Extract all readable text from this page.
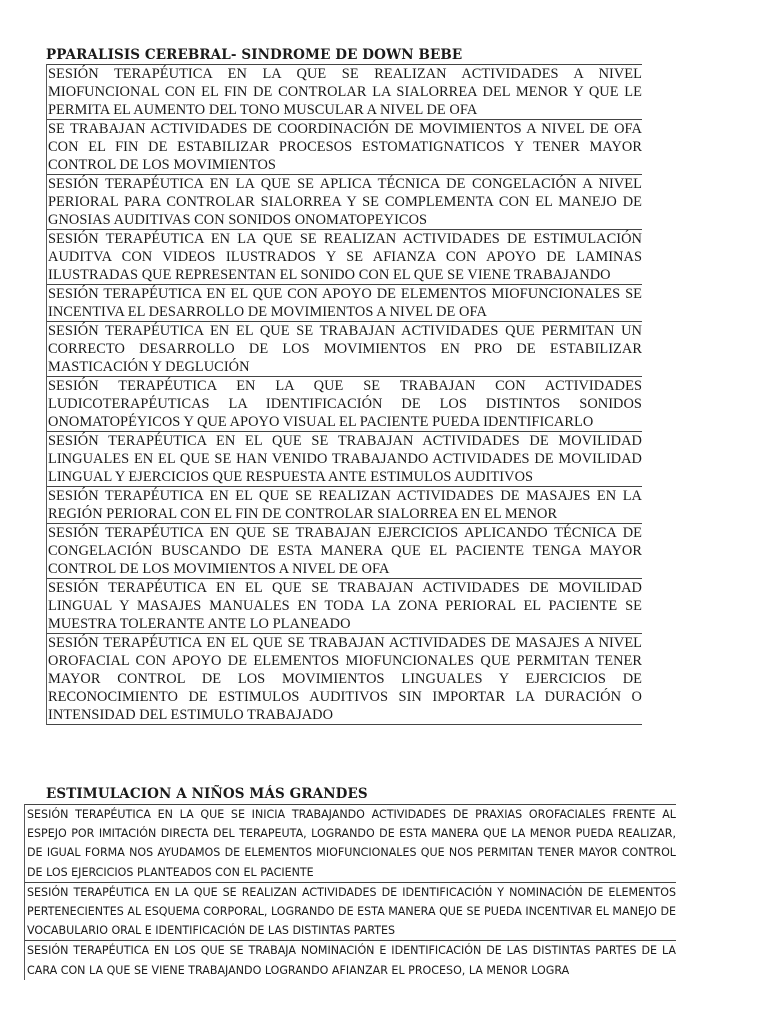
PPARALISIS CEREBRAL- SINDROME DE DOWN BEBE
SESIÓN TERAPÉUTICA EN LA QUE SE REALIZAN ACTIVIDADES A NIVEL MIOFUNCIONAL CON EL FIN DE CONTROLAR LA SIALORREA DEL MENOR Y QUE LE PERMITA EL AUMENTO DEL TONO MUSCULAR A NIVEL DE OFA
SE TRABAJAN ACTIVIDADES DE COORDINACIÓN DE MOVIMIENTOS A NIVEL DE OFA CON EL FIN DE ESTABILIZAR PROCESOS ESTOMATIGNATICOS Y TENER MAYOR CONTROL DE LOS MOVIMIENTOS
SESIÓN TERAPÉUTICA EN LA QUE SE APLICA TÉCNICA DE CONGELACIÓN A NIVEL PERIORAL PARA CONTROLAR SIALORREA Y SE COMPLEMENTA CON EL MANEJO DE GNOSIAS AUDITIVAS CON SONIDOS ONOMATOPEYICOS
SESIÓN TERAPÉUTICA EN LA QUE SE REALIZAN ACTIVIDADES DE ESTIMULACIÓN AUDITVA CON VIDEOS ILUSTRADOS Y SE AFIANZA CON APOYO DE LAMINAS ILUSTRADAS QUE REPRESENTAN EL SONIDO CON EL QUE SE VIENE TRABAJANDO
SESIÓN TERAPÉUTICA EN EL QUE CON APOYO DE ELEMENTOS MIOFUNCIONALES SE INCENTIVA EL DESARROLLO DE MOVIMIENTOS A NIVEL DE OFA
SESIÓN TERAPÉUTICA EN EL QUE SE TRABAJAN ACTIVIDADES QUE PERMITAN UN CORRECTO DESARROLLO DE LOS MOVIMIENTOS EN PRO DE ESTABILIZAR MASTICACIÓN Y DEGLUCIÓN
SESIÓN TERAPÉUTICA EN LA QUE SE TRABAJAN CON ACTIVIDADES LUDICOTERAPÉUTICAS LA IDENTIFICACIÓN DE LOS DISTINTOS SONIDOS ONOMATOPÉYICOS Y QUE APOYO VISUAL EL PACIENTE PUEDA IDENTIFICARLO
SESIÓN TERAPÉUTICA EN EL QUE SE TRABAJAN ACTIVIDADES DE MOVILIDAD LINGUALES EN EL QUE SE HAN VENIDO TRABAJANDO ACTIVIDADES DE MOVILIDAD LINGUAL Y EJERCICIOS QUE RESPUESTA ANTE ESTIMULOS AUDITIVOS
SESIÓN TERAPÉUTICA EN EL QUE SE REALIZAN ACTIVIDADES DE MASAJES EN LA REGIÓN PERIORAL CON EL FIN DE CONTROLAR SIALORREA EN EL MENOR
SESIÓN TERAPÉUTICA EN QUE SE TRABAJAN EJERCICIOS APLICANDO TÉCNICA DE CONGELACIÓN BUSCANDO DE ESTA MANERA QUE EL PACIENTE TENGA MAYOR CONTROL DE LOS MOVIMIENTOS A NIVEL DE OFA
SESIÓN TERAPÉUTICA EN EL QUE SE TRABAJAN ACTIVIDADES DE MOVILIDAD LINGUAL Y MASAJES MANUALES EN TODA LA ZONA PERIORAL EL PACIENTE SE MUESTRA TOLERANTE ANTE LO PLANEADO
SESIÓN TERAPÉUTICA EN EL QUE SE TRABAJAN ACTIVIDADES DE MASAJES A NIVEL OROFACIAL CON APOYO DE ELEMENTOS MIOFUNCIONALES QUE PERMITAN TENER MAYOR CONTROL DE LOS MOVIMIENTOS LINGUALES Y EJERCICIOS DE RECONOCIMIENTO DE ESTIMULOS AUDITIVOS SIN IMPORTAR LA DURACIÓN O INTENSIDAD DEL ESTIMULO TRABAJADO
ESTIMULACION A NIÑOS MÁS GRANDES
SESIÓN TERAPÉUTICA EN LA QUE SE INICIA TRABAJANDO ACTIVIDADES DE PRAXIAS OROFACIALES FRENTE AL ESPEJO POR IMITACIÓN DIRECTA DEL TERAPEUTA, LOGRANDO DE ESTA MANERA QUE LA MENOR PUEDA REALIZAR, DE IGUAL FORMA NOS AYUDAMOS DE ELEMENTOS MIOFUNCIONALES QUE NOS PERMITAN TENER MAYOR CONTROL DE LOS EJERCICIOS PLANTEADOS CON EL PACIENTE
SESIÓN TERAPÉUTICA EN LA QUE SE REALIZAN ACTIVIDADES DE IDENTIFICACIÓN Y NOMINACIÓN DE ELEMENTOS PERTENECIENTES AL ESQUEMA CORPORAL, LOGRANDO DE ESTA MANERA QUE SE PUEDA INCENTIVAR EL MANEJO DE VOCABULARIO ORAL E IDENTIFICACIÓN DE LAS DISTINTAS PARTES
SESIÓN TERAPÉUTICA EN LOS QUE SE TRABAJA NOMINACIÓN E IDENTIFICACIÓN DE LAS DISTINTAS PARTES DE LA CARA CON LA QUE SE VIENE TRABAJANDO LOGRANDO AFIANZAR EL PROCESO, LA MENOR LOGRA
